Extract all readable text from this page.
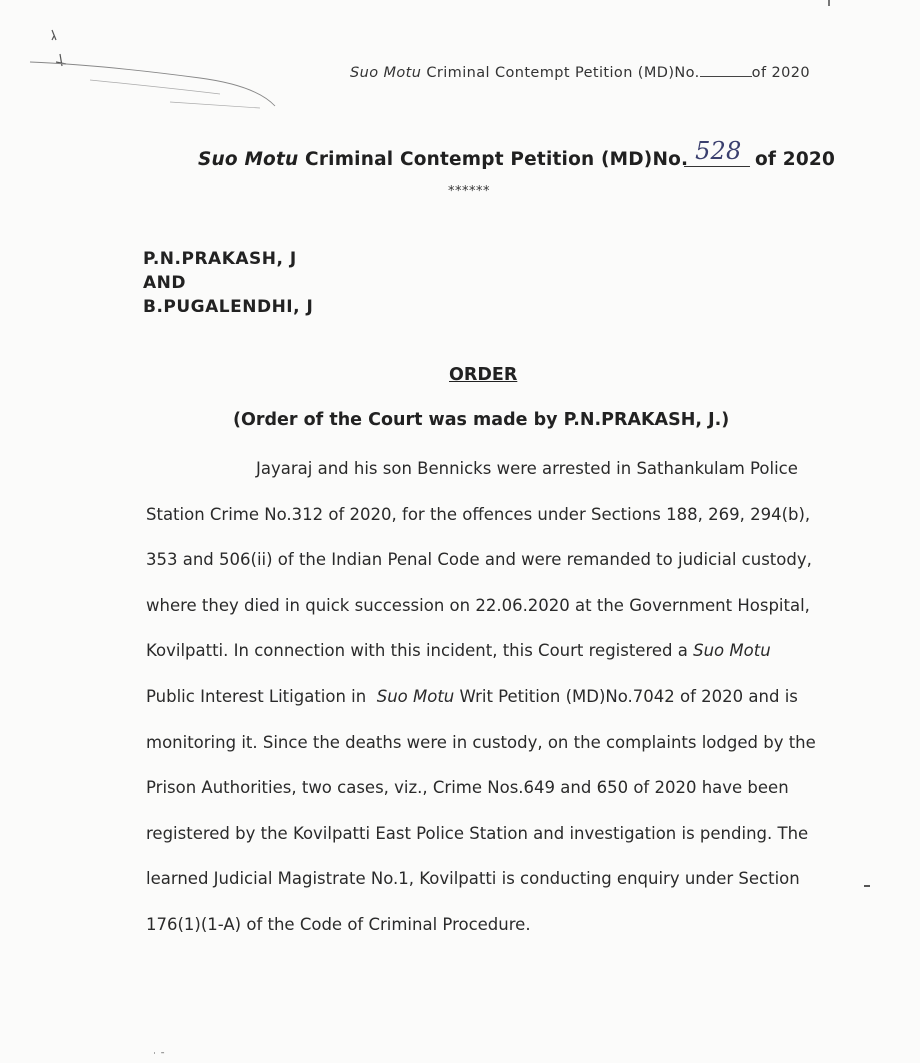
Suo Motu Criminal Contempt Petition (MD)No.	of 2020
Suo Motu Criminal Contempt Petition (MD)No. 528 of 2020
******
P.N.PRAKASH, J
AND
B.PUGALENDHI, J
ORDER
(Order of the Court was made by P.N.PRAKASH, J.)
Jayaraj and his son Bennicks were arrested in Sathankulam Police
Station Crime No.312 of 2020, for the offences under Sections 188, 269, 294(b),
353 and 506(ii) of the Indian Penal Code and were remanded to judicial custody,
where they died in quick succession on 22.06.2020 at the Government Hospital,
Kovilpatti. In connection with this incident, this Court registered a Suo Motu
Public Interest Litigation in Suo Motu Writ Petition (MD)No.7042 of 2020 and is
monitoring it. Since the deaths were in custody, on the complaints lodged by the
Prison Authorities, two cases, viz., Crime Nos.649 and 650 of 2020 have been
registered by the Kovilpatti East Police Station and investigation is pending. The
learned Judicial Magistrate No.1, Kovilpatti is conducting enquiry under Section
176(1)(1-A) of the Code of Criminal Procedure.
˙ ˉ
